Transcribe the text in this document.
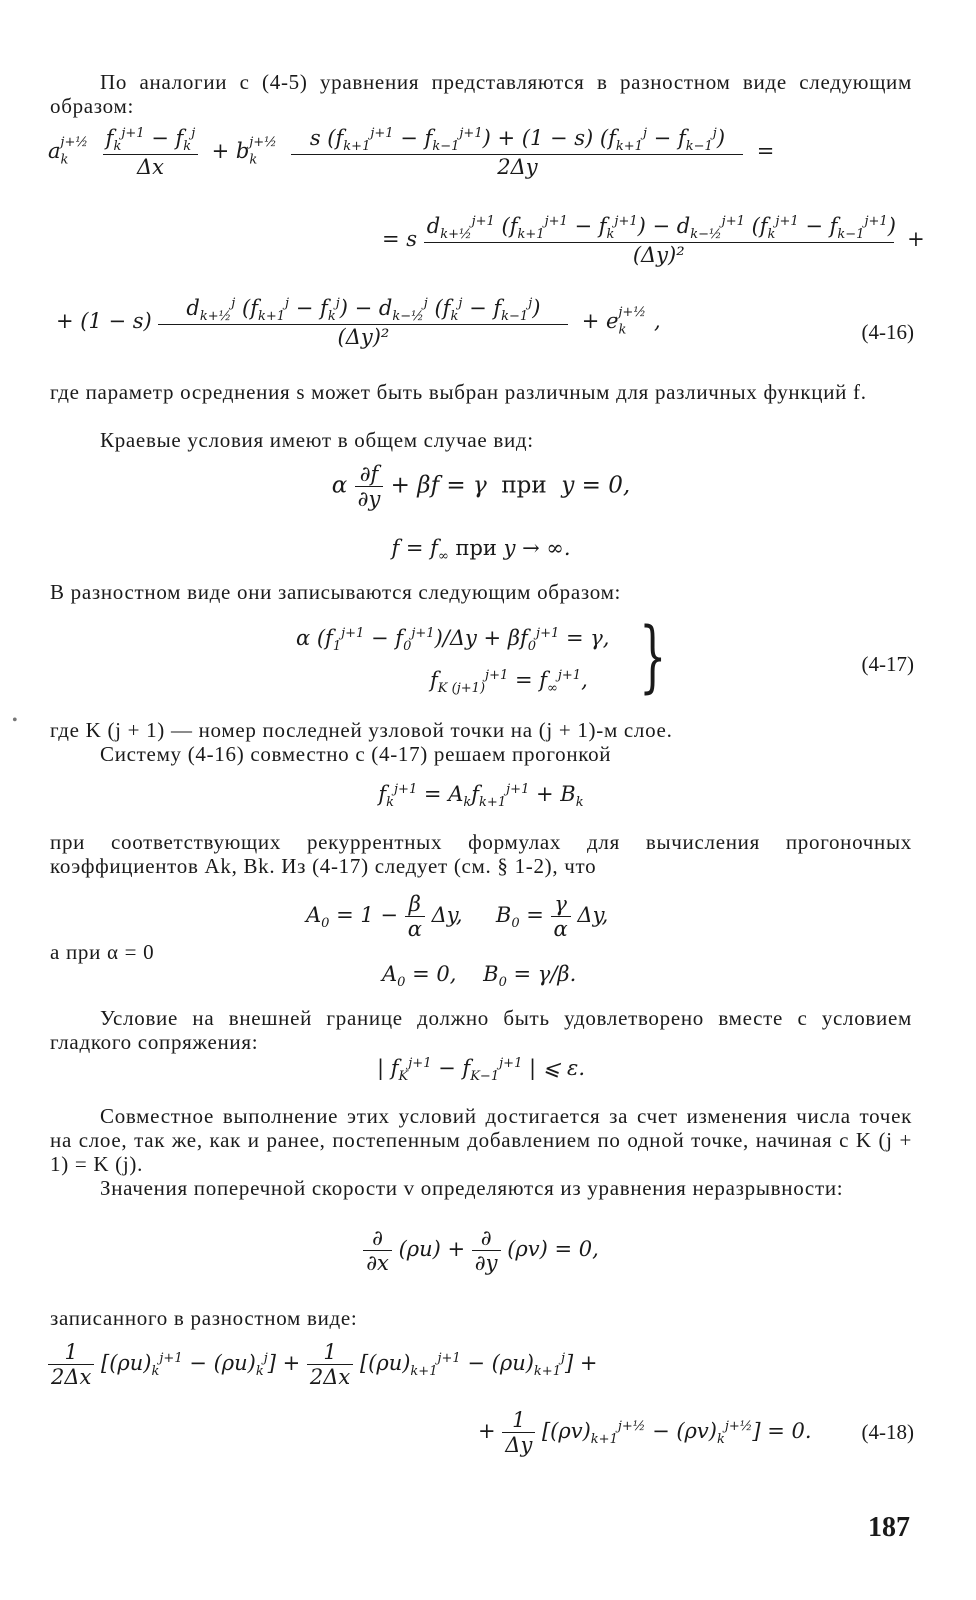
По аналогии с (4-5) уравнения представляются в разностном виде следующим образом:
$a_k^{j+\frac{1}{2}} \frac{f_k^{j+1} - f_k^j}{\Delta x} + b_k^{j+\frac{1}{2}} \frac{s (f_{k+1}^{j+1} - f_{k-1}^{j+1}) + (1 - s) (f_{k+1}^j - f_{k-1}^j)}{2\Delta y}$ =
= s $\frac{d_{k+\frac{1}{2}}^{j+1} (f_{k+1}^{j+1} - f_k^{j+1}) - d_{k-\frac{1}{2}}^{j+1} (f_k^{j+1} - f_{k-1}^{j+1})}{\text{(Δy)²}}$ +
+ $(1 - s) \frac{d_{k+\frac{1}{2}}^j (f_{k+1}^j - f_k^j) - d_{k-\frac{1}{2}}^j (f_k^j - f_{k-1}^j)}{\text{(Δy)²}} + e_k^{j+\frac{1}{2}}$ ,	(4-16)
где параметр осреднения s может быть выбран различным для различных функций f.
Краевые условия имеют в общем случае вид:
α $\frac{\partial f}{\partial y} + \beta f = \gamma$  при  y = 0,
$f = f_\infty$ при y → ∞.
В разностном виде они записываются следующим образом:
α $(f_1^{j+1} - f_0^{j+1})/\Delta y + \beta f_0^{j+1} = \gamma$,
$f_{K (j+1)}^{j+1} = f_\infty^{j+1}$, }	(4-17)
• где K (j + 1) — номер последней узловой точки на (j + 1)-м слое.
Систему (4-16) совместно с (4-17) решаем прогонкой
$f_k^{j+1} = A_kf_{k+1}^{j+1} + B_k$
при соответствующих рекуррентных формулах для вычисления прогоночных коэффициентов Ak, Bk. Из (4-17) следует (см. § 1-2), что
$A_0 = 1 - \frac{\beta}{\alpha} \Delta y$,     $B_0 = \frac{\gamma}{\alpha} \Delta y$,
а при α = 0
$A_0 = 0$,    $B_0 = \gamma/\beta$.
Условие на внешней границе должно быть удовлетворено вместе с условием гладкого сопряжения:
| $f_K^{j+1} - f_{K-1}^{j+1}$ | ⩽ ε.
Совместное выполнение этих условий достигается за счет изменения числа точек на слое, так же, как и ранее, постепенным добавлением по одной точке, начиная с K (j + 1) = K (j).
Значения поперечной скорости v определяются из уравнения неразрывности:
$\frac{\partial}{\partial x} (\rho u) + \frac{\partial}{\partial y} (\rho v) = 0$,
записанного в разностном виде:
$\frac{1}{2\Delta x} [(\rho u)_k^{j+1} - (\rho u)_k^j] + \frac{1}{2\Delta x} [(\rho u)_{k+1}^{j+1} - (\rho u)_{k+1}^j]$ +
+ $\frac{1}{\Delta y} [(\rho v)_{k+1}^{j+\frac{1}{2}} - (\rho v)_k^{j+\frac{1}{2}}] = 0$. (4-18)
187
